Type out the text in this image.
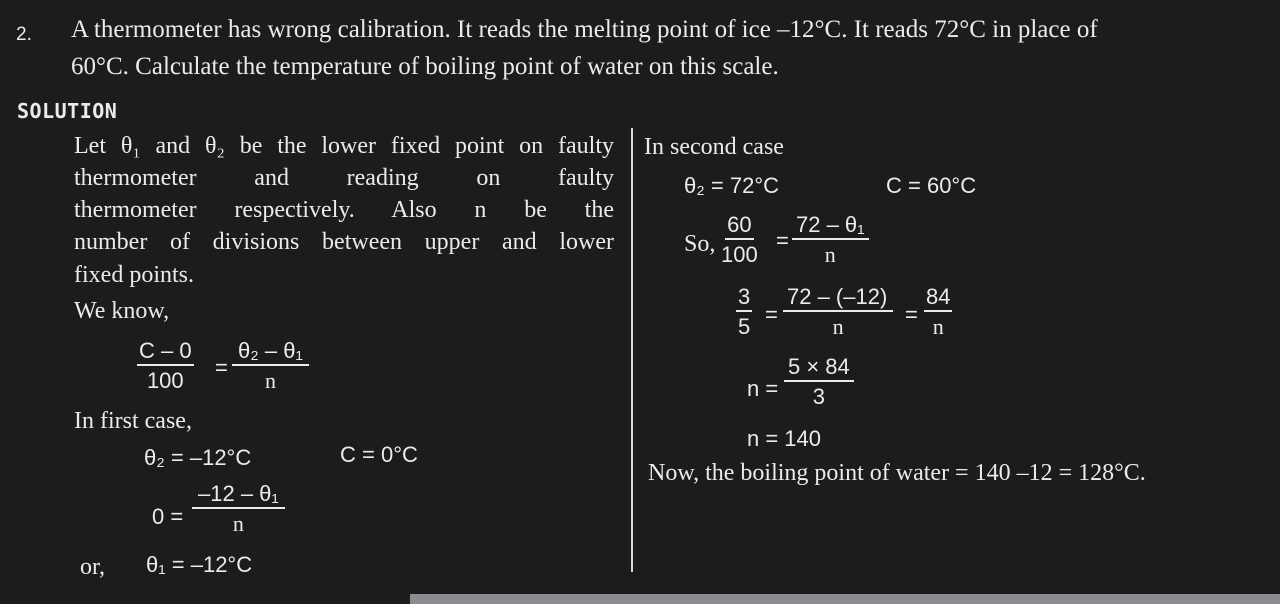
2. A thermometer has wrong calibration. It reads the melting point of ice –12°C. It reads 72°C in place of
60°C. Calculate the temperature of boiling point of water on this scale.
SOLUTION
Let θ₁ and θ₂ be the lower fixed point on faulty
thermometer and reading on faulty
thermometer respectively. Also n be the
number of divisions between upper and lower
fixed points.
We know,
$\frac{C - 0}{100} = \frac{\text{θ₂ – θ₁}}{n}$
In first case,
θ₂ = –12°C	C = 0°C
$0 = \frac{\text{–12 – θ₁}}{n}$
or, θ₁ = –12°C
In second case
θ₂ = 72°C	C = 60°C
So, $\frac{60}{100} = \frac{\text{72 – θ₁}}{n}$
$\frac{3}{5} = \frac{72 - (-12)}{n} = \frac{84}{n}$
$n = \frac{5 \times 84}{3}$
n = 140
Now, the boiling point of water = 140 –12 = 128°C.
